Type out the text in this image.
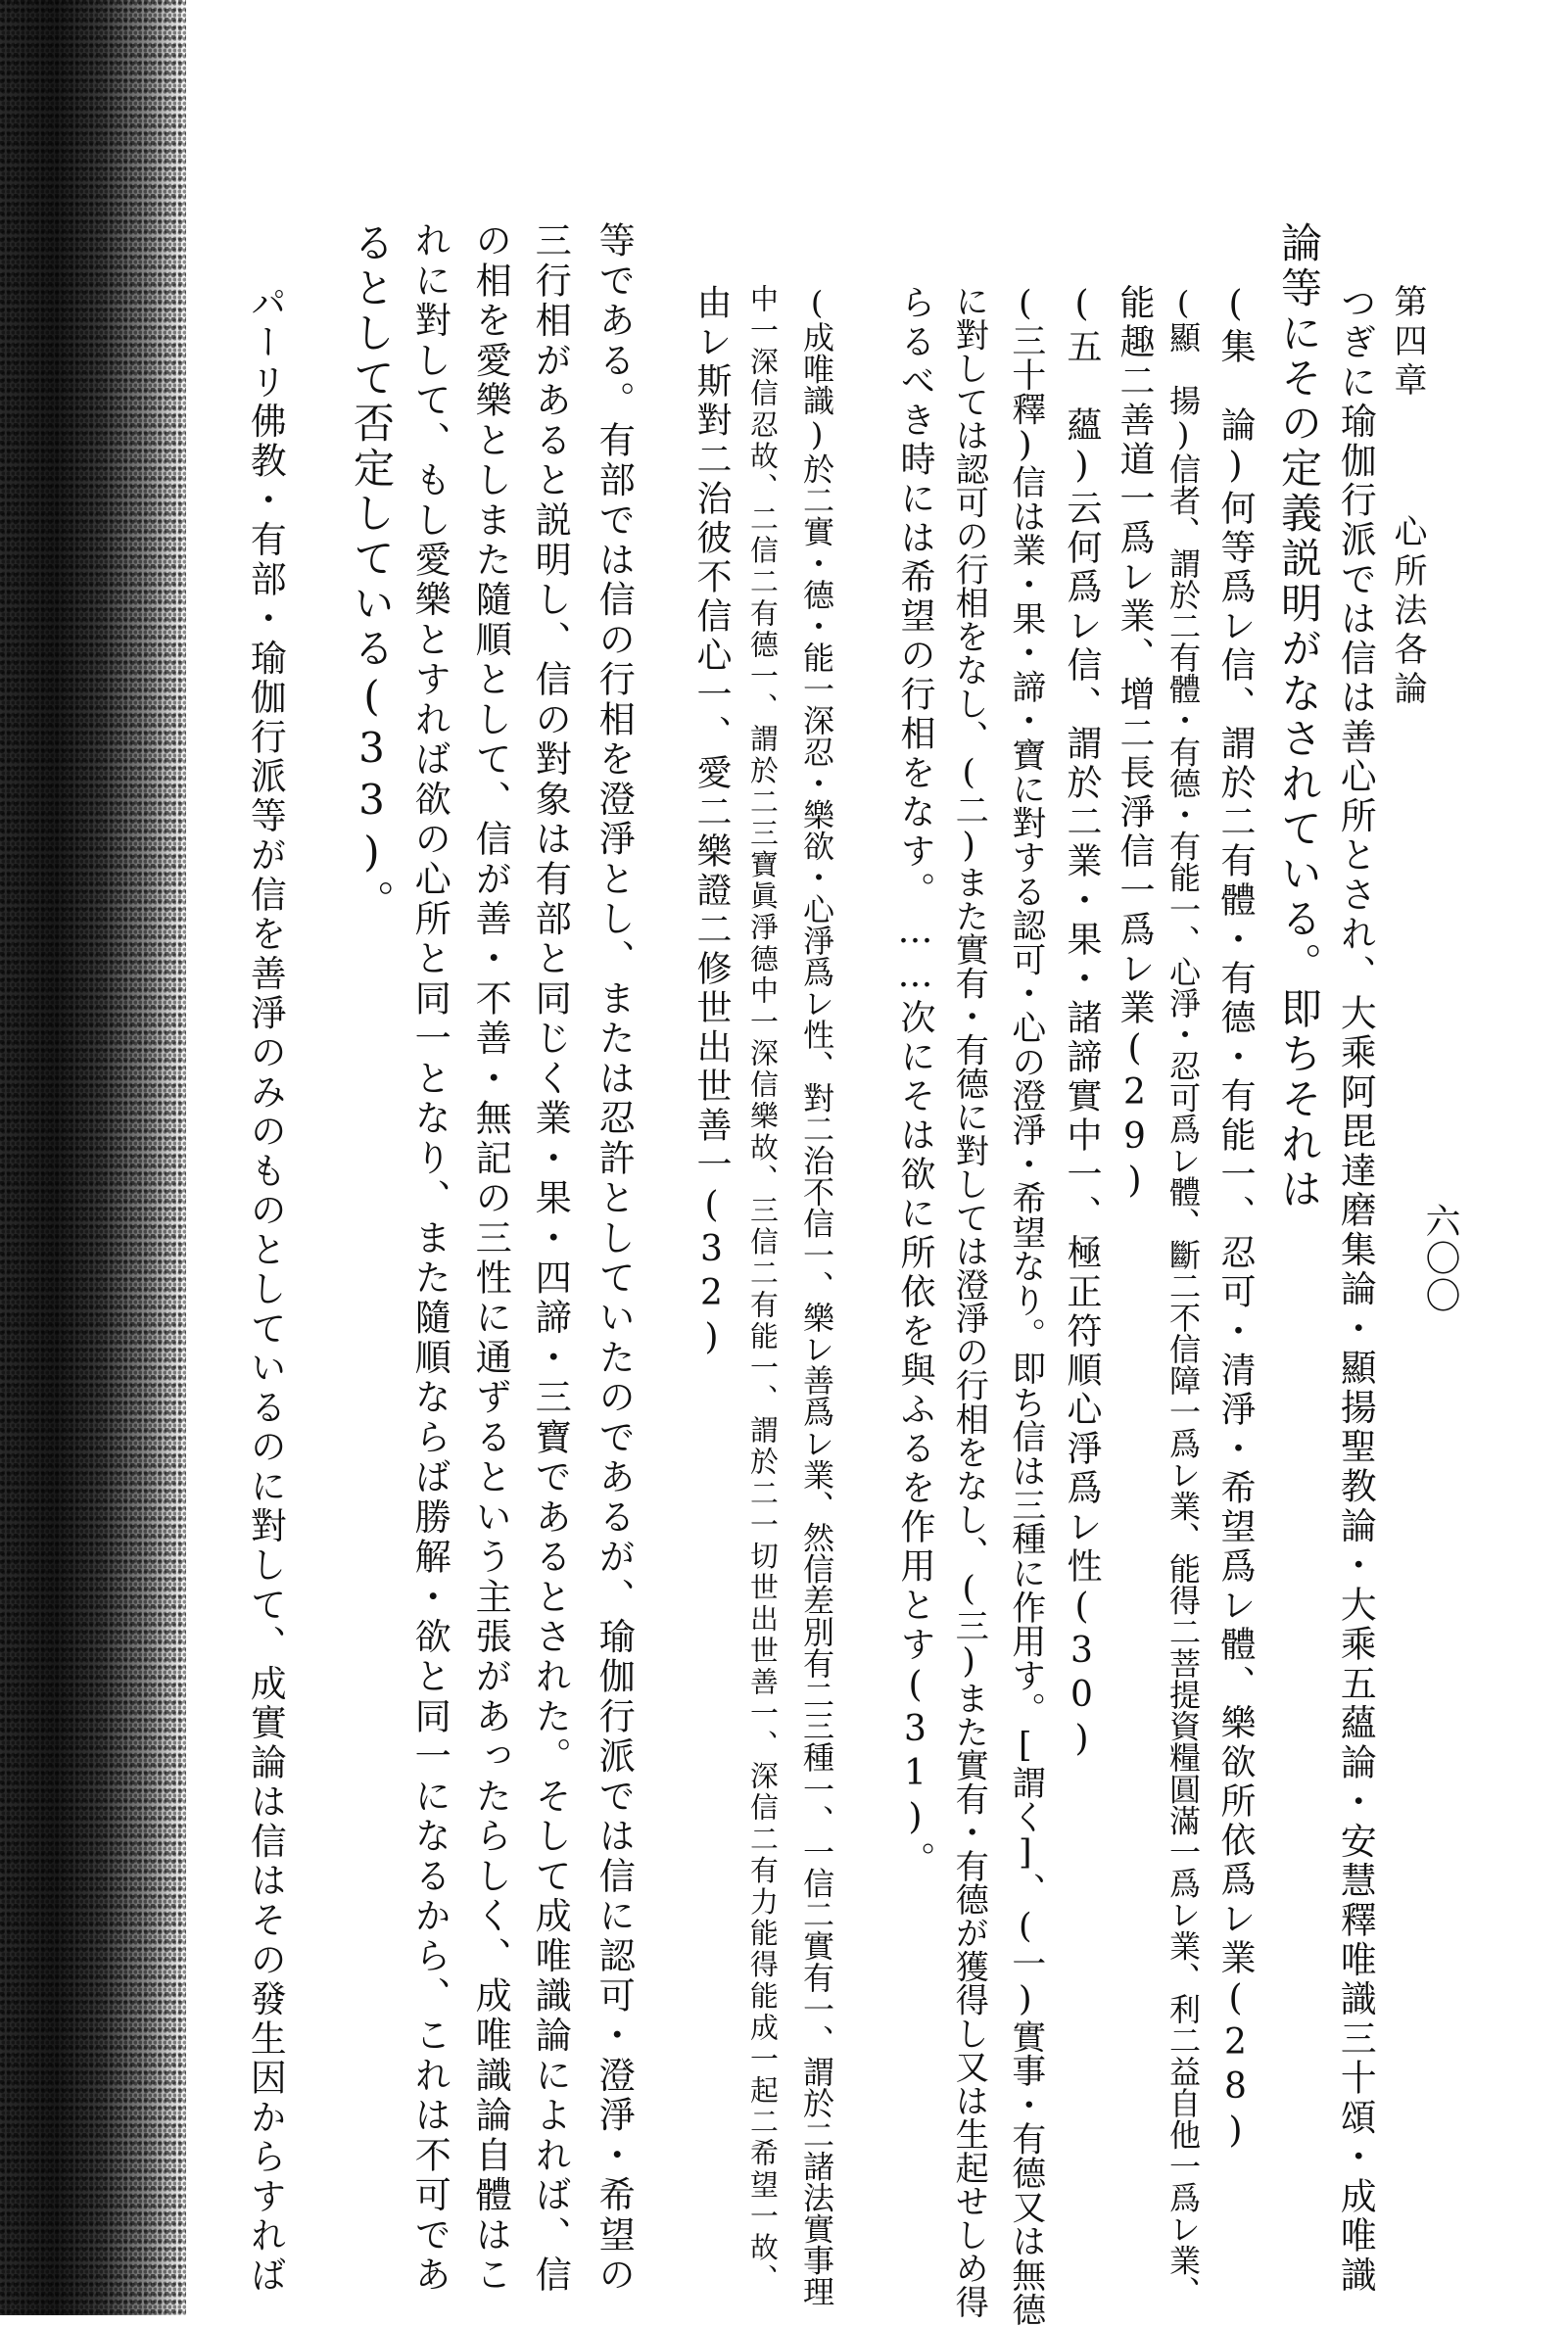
六〇〇
第四章
心所法各論
つぎに瑜伽行派では信は善心所とされ、大乘阿毘達磨集論・顯揚聖教論・大乘五蘊論・安慧釋唯識三十頌・成唯識
論等にその定義説明がなされている。即ちそれは
(集　論)何等爲レ信、謂於二有體・有德・有能一、忍可・清淨・希望爲レ體、樂欲所依爲レ業(28)
(顯　揚)信者、謂於二有體・有德・有能一、心淨・忍可爲レ體、斷二不信障一爲レ業、能得二菩提資糧圓滿一爲レ業、利二益自他一爲レ業、
能趣二善道一爲レ業、增二長淨信一爲レ業(29)
(五　蘊)云何爲レ信、謂於二業・果・諸諦實中一、極正符順心淨爲レ性(30)
(三十釋)信は業・果・諦・寶に對する認可・心の澄淨・希望なり。即ち信は三種に作用す。[謂く]、(一)實事・有德又は無德
に對しては認可の行相をなし、(二)また實有・有德に對しては澄淨の行相をなし、(三)また實有・有德が獲得し又は生起せしめ得
らるべき時には希望の行相をなす。……次にそは欲に所依を與ふるを作用とす(31)。
(成唯識)於二實・德・能一深忍・樂欲・心淨爲レ性、對二治不信一、樂レ善爲レ業、然信差別有二三種一、一信二實有一、謂於二諸法實事理
中一深信忍故、二信二有德一、謂於二三寶眞淨德中一深信樂故、三信二有能一、謂於二一切世出世善一、深信二有力能得能成一起二希望一故、
由レ斯對二治彼不信心一、愛二樂證二修世出世善一(32)
等である。有部では信の行相を澄淨とし、または忍許としていたのであるが、瑜伽行派では信に認可・澄淨・希望の
三行相があると説明し、信の對象は有部と同じく業・果・四諦・三寶であるとされた。そして成唯識論によれば、信
の相を愛樂としまた隨順として、信が善・不善・無記の三性に通ずるという主張があったらしく、成唯識論自體はこ
れに對して、もし愛樂とすれば欲の心所と同一となり、また隨順ならば勝解・欲と同一になるから、これは不可であ
るとして否定している(33)。
パーリ佛教・有部・瑜伽行派等が信を善淨のみのものとしているのに對して、成實論は信はその發生因からすれば
